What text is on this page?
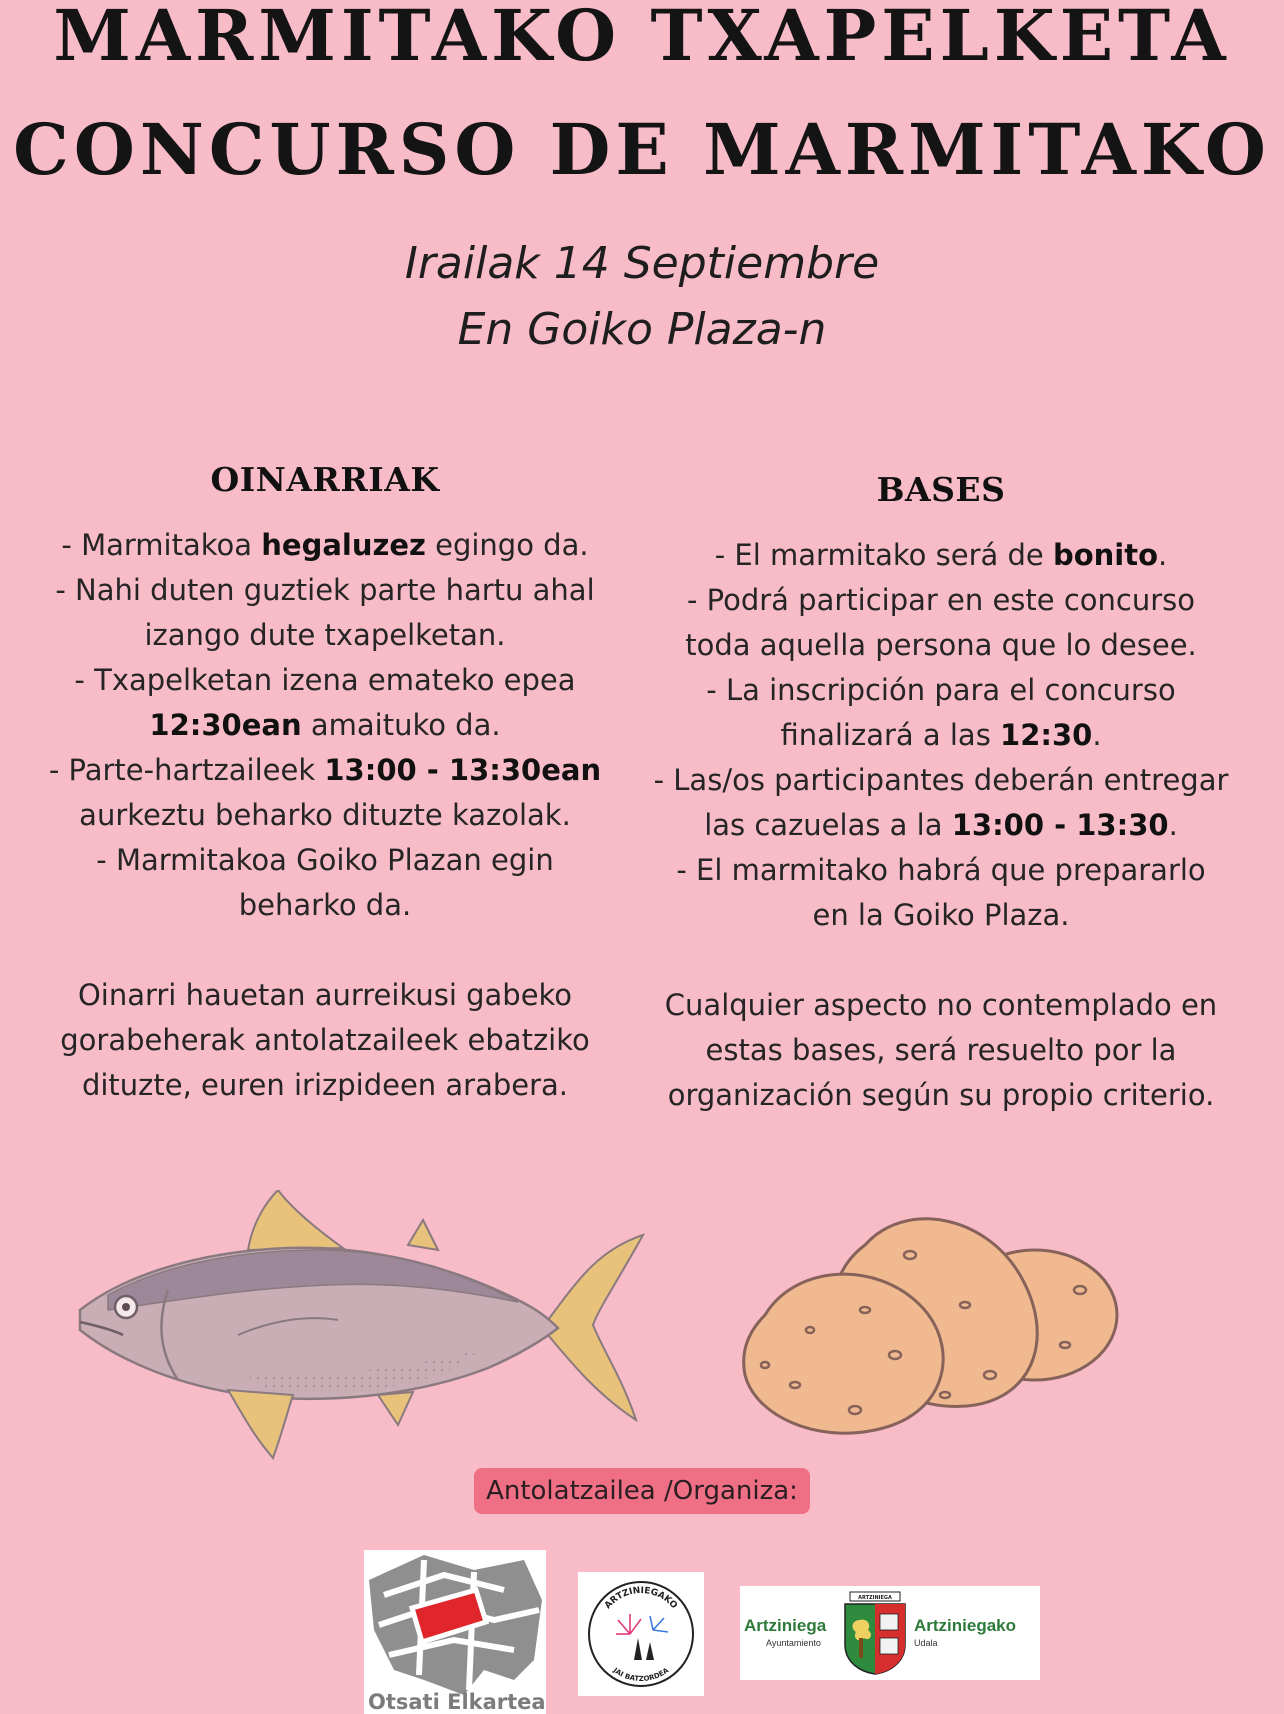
MARMITAKO TXAPELKETA
CONCURSO DE MARMITAKO
Irailak 14 Septiembre
En Goiko Plaza-n
OINARRIAK
- Marmitakoa hegaluzez egingo da.
- Nahi duten guztiek parte hartu ahal
izango dute txapelketan.
- Txapelketan izena emateko epea
12:30ean amaituko da.
- Parte-hartzaileek 13:00 - 13:30ean
aurkeztu beharko dituzte kazolak.
- Marmitakoa Goiko Plazan egin
beharko da.
Oinarri hauetan aurreikusi gabeko gorabeherak antolatzaileek ebatziko dituzte, euren irizpideen arabera.
BASES
- El marmitako será de bonito.
- Podrá participar en este concurso
toda aquella persona que lo desee.
- La inscripción para el concurso
finalizará a las 12:30.
- Las/os participantes deberán entregar
las cazuelas a la 13:00 - 13:30.
- El marmitako habrá que prepararlo
en la Goiko Plaza.
Cualquier aspecto no contemplado en estas bases, será resuelto por la organización según su propio criterio.
Antolatzailea /Organiza:
Otsati Elkartea
ARTZINIEGAKO
JAI BATZORDEA
Artziniega
Ayuntamiento
ARTZINIEGA
Artziniegako
Udala
